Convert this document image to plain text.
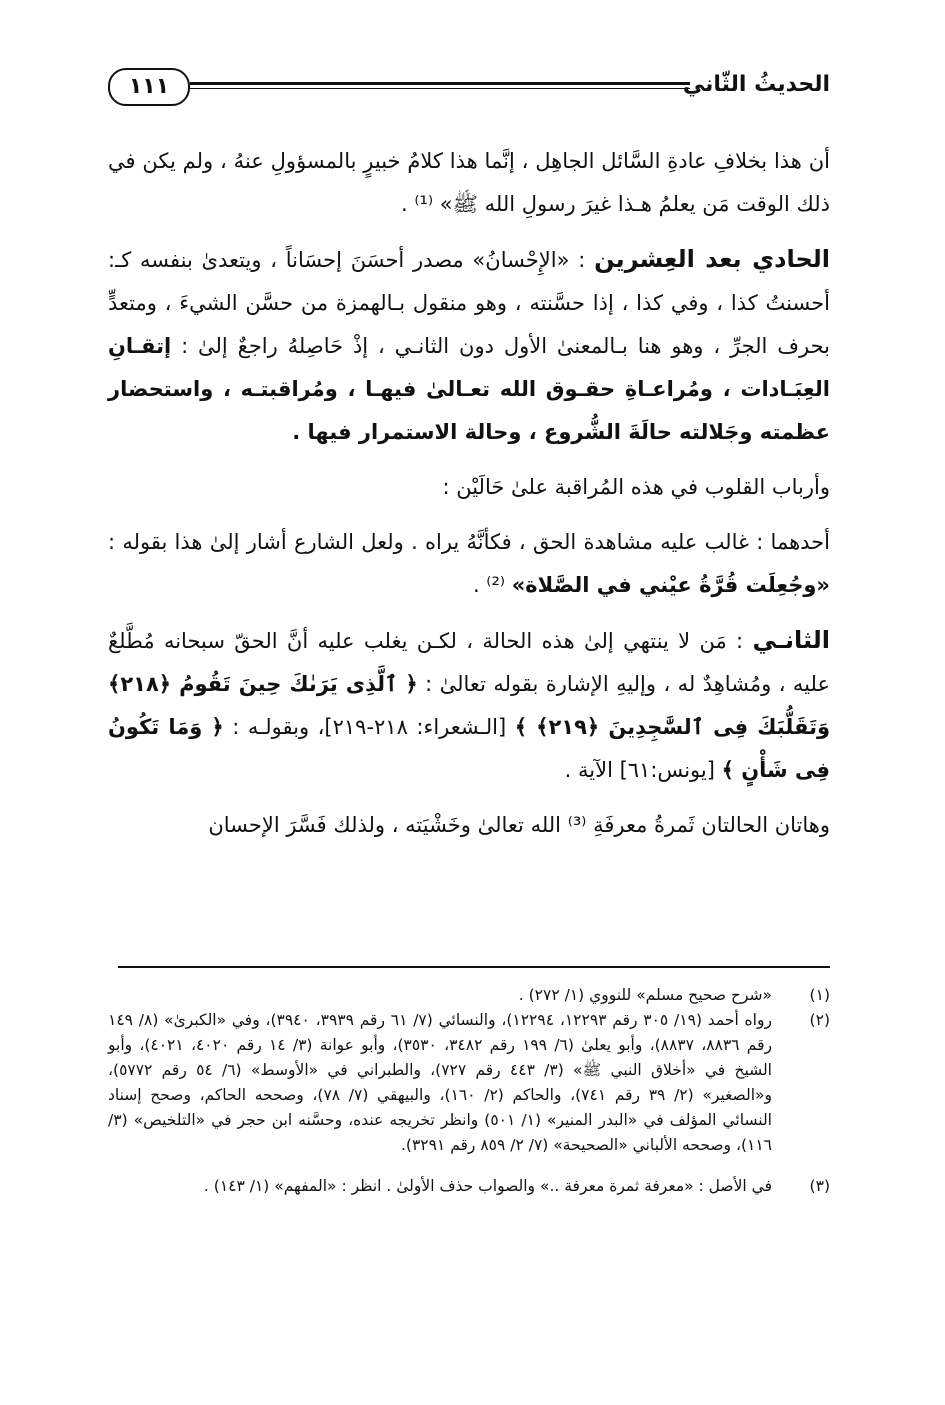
الحديثُ الثّاني
١١١

أن هذا بخلافِ عادةِ السَّائل الجاهِل ، إنَّما هذا كلامُ خبيرٍ بالمسؤولِ عنهُ ، ولم يكن في ذلك الوقت مَن يعلمُ هـذا غيرَ رسولِ الله ﷺ» ⁽¹⁾ .

الحادي بعد العِشرين : «الإِحْسانُ» مصدر أحسَنَ إحسَاناً ، ويتعدىٰ بنفسه كـ: أحسنتُ كذا ، وفي كذا ، إذا حسَّنته ، وهو منقول بـالهمزة من حسَّن الشيءَ ، ومتعدٍّ بحرف الجرِّ ، وهو هنا بـالمعنىٰ الأول دون الثانـي ، إذْ حَاصِلهُ راجعٌ إلىٰ : إتقـانِ العِبَـادات ، ومُراعـاةِ حقـوق الله تعـالىٰ فيهـا ، ومُراقبتـه ، واستحضار عظمته وجَلالته حالَةَ الشُّروع ، وحالة الاستمرار فيها .

وأرباب القلوب في هذه المُراقبة علىٰ حَالَيْن :

أحدهما : غالب عليه مشاهدة الحق ، فكأنَّهُ يراه . ولعل الشارع أشار إلىٰ هذا بقوله : «وجُعِلَت قُرَّةُ عيْني في الصَّلاة» ⁽²⁾ .

الثانـي : مَن لا ينتهي إلىٰ هذه الحالة ، لكـن يغلب عليه أنَّ الحقّ سبحانه مُطَّلعٌ عليه ، ومُشاهِدٌ له ، وإليهِ الإشارة بقوله تعالىٰ : ﴿ ٱلَّذِى يَرَىٰكَ حِينَ تَقُومُ ﴿٢١٨﴾ وَتَقَلُّبَكَ فِى ٱلسَّٰجِدِينَ ﴿٢١٩﴾ ﴾ [الـشعراء: ٢١٨-٢١٩]، وبقولـه : ﴿ وَمَا تَكُونُ فِى شَأْنٍ ﴾ [يونس:٦١] الآية .

وهاتان الحالتان ثَمرةُ معرفَةِ ⁽³⁾ الله تعالىٰ وخَشْيَته ، ولذلك فَسَّرَ الإحسان

(١)
«شرح صحيح مسلم» للنووي (١/ ٢٧٢) .
(٢)
رواه أحمد (١٩/ ٣٠٥ رقم ١٢٢٩٣، ١٢٢٩٤)، والنسائي (٧/ ٦١ رقم ٣٩٣٩، ٣٩٤٠)، وفي «الكبرىٰ» (٨/ ١٤٩ رقم ٨٨٣٦، ٨٨٣٧)، وأبو يعلىٰ (٦/ ١٩٩ رقم ٣٤٨٢، ٣٥٣٠)، وأبو عوانة (٣/ ١٤ رقم ٤٠٢٠، ٤٠٢١)، وأبو الشيخ في «أخلاق النبي ﷺ» (٣/ ٤٤٣ رقم ٧٢٧)، والطبراني في «الأوسط» (٦/ ٥٤ رقم ٥٧٧٢)، و«الصغير» (٢/ ٣٩ رقم ٧٤١)، والحاكم (٢/ ١٦٠)، والبيهقي (٧/ ٧٨)، وصححه الحاكم، وصحح إسناد النسائي المؤلف في «البدر المنير» (١/ ٥٠١) وانظر تخريجه عنده، وحسَّنه ابن حجر في «التلخيص» (٣/ ١١٦)، وصححه الألباني «الصحيحة» (٧/ ٢/ ٨٥٩ رقم ٣٢٩١).
(٣)
في الأصل : «معرفة ثمرة معرفة ..» والصواب حذف الأولىٰ . انظر : «المفهم» (١/ ١٤٣) .
